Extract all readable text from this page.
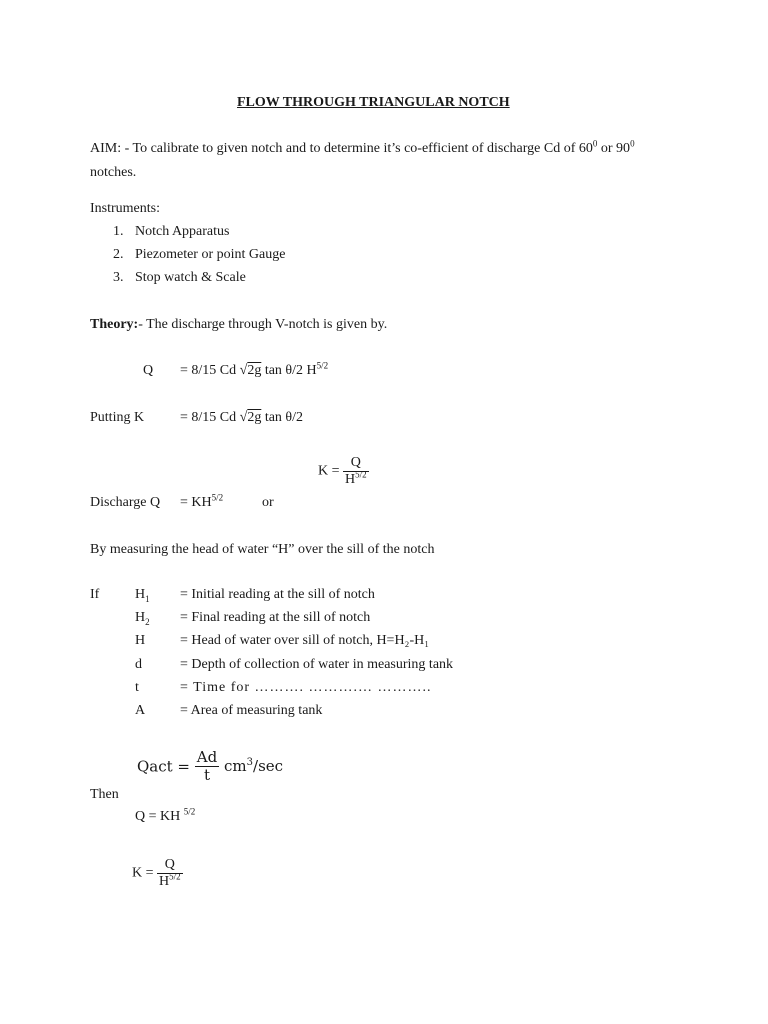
FLOW THROUGH TRIANGULAR NOTCH
AIM: - To calibrate to given notch and to determine it’s co-efficient of discharge Cd of $60^0$ or $90^0$
notches.
Instruments:
1. Notch Apparatus
2. Piezometer or point Gauge
3. Stop watch & Scale
Theory:- The discharge through V-notch is given by.
Q = 8/15 Cd √2g tan θ/2 $H^{5/2}$
Putting K	= 8/15 Cd √2g tan θ/2
$K = \frac{Q}{H^{5/2}}$
Discharge $Q = KH^{5/2}$	or
By measuring the head of water “H” over the sill of the notch
If	$H_1$ = Initial reading at the sill of notch
$H_2$ = Final reading at the sill of notch
H = Head of water over sill of notch, H=H₂-H₁
d	= Depth of collection of water in measuring tank
t	= Time for ………. ……….… ………..
A = Area of measuring tank
Qact = $\frac{Ad}{t} cm^3/\sec$
Then
Q = KH $^{5/2}$
$K = \frac{Q}{H^{5/2}}$
